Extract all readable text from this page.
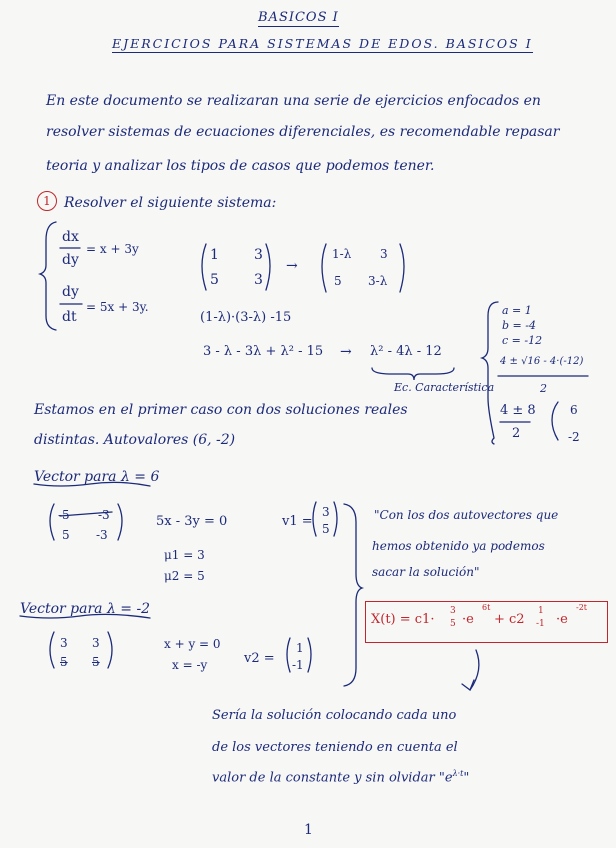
BASICOS I
EJERCICIOS PARA SISTEMAS DE EDOS. BASICOS I
En este documento se realizaran una serie de ejercicios enfocados en
resolver sistemas de ecuaciones diferenciales, es recomendable repasar
teoria y analizar los tipos de casos que podemos tener.
1 Resolver el siguiente sistema:
dx
dy
= x + 3y
dy
dt
= 5x + 3y.
1	3
5	3
→
1-λ 3
5 3-λ
(1-λ)·(3-λ) -15
3 - λ - 3λ + λ² - 15 → λ² - 4λ - 12
Ec. Característica
a = 1
b = -4
c = -12
4 ± √16 - 4·(-12)
2
4 ± 8
2
6
-2
Estamos en el primer caso con dos soluciones reales
distintas. Autovalores (6, -2)
Vector para λ = 6
-5 -3
5 -3
5x - 3y = 0
μ1 = 3
μ2 = 5
v1 =
3
5
Vector para λ = -2
3 3
5 5
x + y = 0
x = -y	v2 =
1
-1
"Con los dos autovectores que
hemos obtenido ya podemos
sacar la solución"
X(t) = c1·
3
5 ·e
6t
+ c2
1
-1 ·e
-2t
Sería la solución colocando cada uno
de los vectores teniendo en cuenta el
valor de la constante y sin olvidar "$e^{\lambda\cdot t}$"
1
